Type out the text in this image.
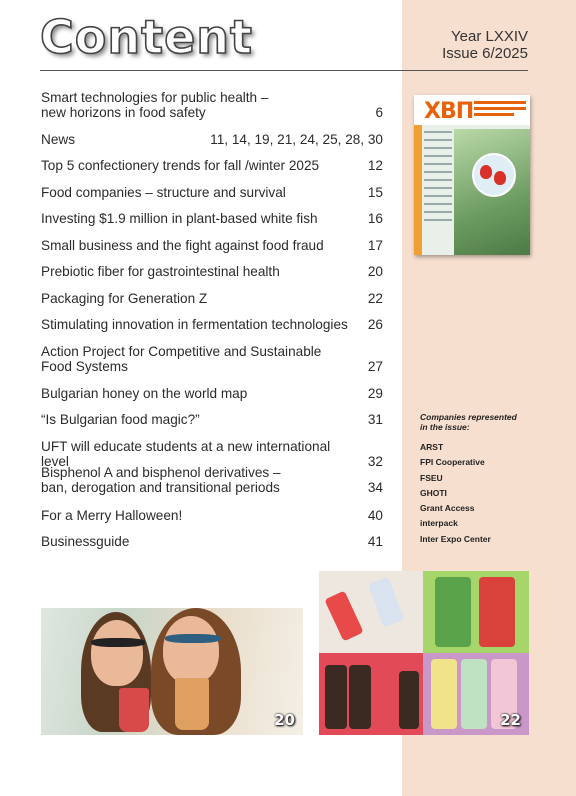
Content	Year LXXIV
Issue 6/2025
Smart technologies for public health –
new horizons in food safety	6
News	11, 14, 19, 21, 24, 25, 28, 30
Top 5 confectionery trends for fall /winter 2025	12
Food companies – structure and survival	15
Investing $1.9 million in plant-based white fish	16
Small business and the fight against food fraud	17
Prebiotic fiber for gastrointestinal health	20
Packaging for Generation Z	22
Stimulating innovation in fermentation technologies	26
Action Project for Competitive and Sustainable
Food Systems	27
Bulgarian honey on the world map	29
“Is Bulgarian food magic?”	31
UFT will educate students at a new international level	32
Bisphenol A and bisphenol derivatives –
ban, derogation and transitional periods	34
For a Merry Halloween!	40
Businessguide	41
ХВП
Companies represented
in the issue:
ARST
FPI Cooperative
FSEU
GHOTI
Grant Access
interpack
Inter Expo Center
20	22
